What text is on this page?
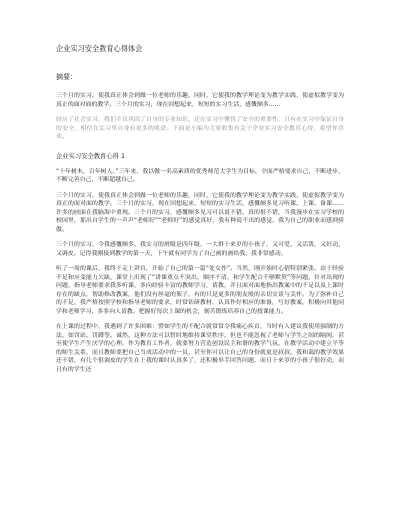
企业实习安全教育心得体会
摘要：

三个月的实习，使我真正体会到做一位老师的乐趣，同时，它使我的教学理论变为教学实践，使虚拟教学变为真正的面对面的教学。三个月的实习，现在回想起来，短短的实习生活，感慨颇多……

经历了社会实习，我们不仅巩固了自身的专业知识，还在实习中懂得了安全的重要性，只有在实习中保证自身的安全，相信在实习里自身有更多的收获。下面是小编为大家收集有关于企业实习安全教育心得，希望你喜欢。

企业实习安全教育心得 1

“十年树木，百年树人。”三年来，我以做一名高素质的优秀师范大学生为目标，全面严格要求自己，不断进步，不断完善自己，不断超越自己。

三个月的实习，使我真正体会到做一位老师的乐趣，同时，它使我的教学理论变为教学实践，使虚拟教学变为真正的面对面的教学。三个月的实习，现在回想起来，短短的实习生活，感慨颇多见习听课、上课、备课……许多的画面在我脑海中重现。三个月的实习，感慨颇多见习可以说不错，真的很不错，当我漫步在实习学校的校园里，那出自学生的一声声“老师好”“老师好”的感觉真好，我有种说不出的感觉，我为自己的职业而感到骄傲。

三个月的实习，令我感慨颇多。我实习的班级是四年级，一大群十来岁的小孩子，又可爱，又活泼，又好动，又调皮。记得我刚接到教学的第一天，下午就有同学为了自己画的画给我，我非常感动。

听了一周的课后，我终于走上讲台，开始了自己的第一篇“处女作”。当然，刚开始时心情特别紧张，由于经验不足和应变能力欠缺，课堂上出现了“讲课重点不突出，顺序不清，和学生配合不够默契”等问题。针对出现的问题，指导老师要求我多听课，多向经验丰富的教师学习，请教，并且面对面地指出教案中的不足以及上课时存在的缺点，帮助修改教案，他们没有丝毫的架子，有的只是更多的朋友般的亲切交谈与关怀。为了弥补自己的不足，我严格按照学校和指导老师的要求，时常钻研教材，认真作好相应的准备，写好教案，积极向其他同学和老师学习，多多向人请教，把握好每次上课的机会，刻苦锻炼培养自己的授课能力。

在上课的过程中，我遇到了许多困难：譬如学生的不配合就常常令我痛心疾首，当时有人建议我使用强制的方法，如罚站、罚蹲等。诚然，这种方法可以暂时地维持课堂秩序，但也不能忽视了老师与学生之间的隔阂，甚至使学生产生厌学的心理。作为教育工作者，就要努力营造创设民主和谐的教学气氛，在教学活动中建立平等的师生关系，而且教师要把自己当成活动中的一员，甚至你可以让自己的身份就更是叔叔。我和蔼的教学效果还不错，有几个很调皮的学生在上我的课时认真多了，还积极举手回答问题，而且十来岁的小孩子很好动，而且有的学生还
